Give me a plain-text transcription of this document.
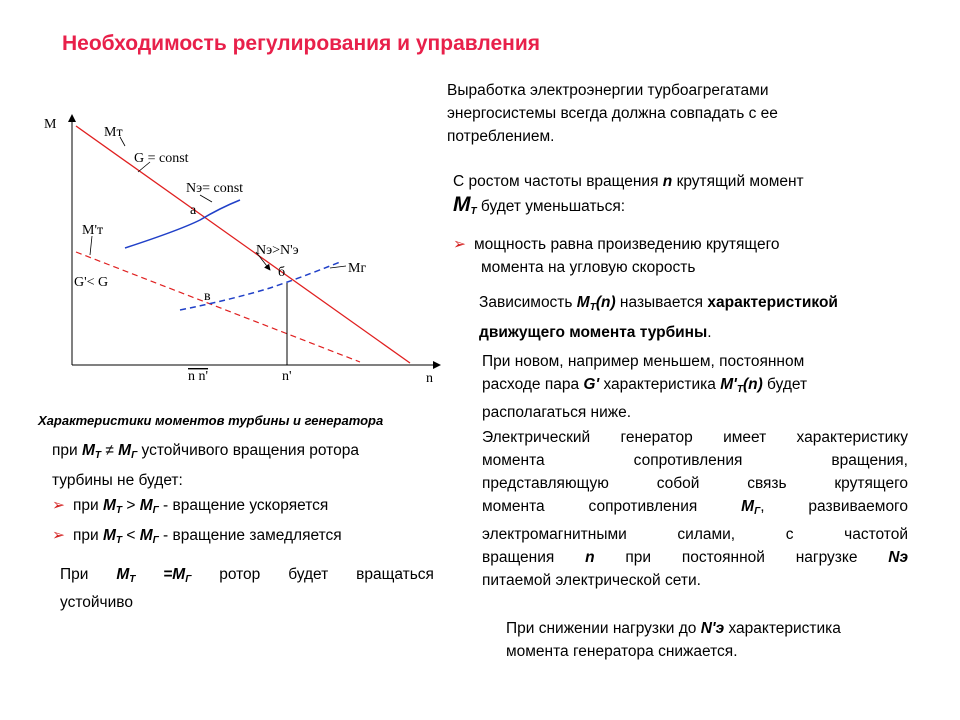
Необходимость регулирования и управления
M
n
Mт
G = const
Nэ= const
a
M'т
G'< G
Nэ>N'э
б	Mг
в
n n'	n'
Характеристики моментов турбины и генератора
Выработка электроэнергии турбоагрегатами
энергосистемы всегда должна совпадать с ее
потреблением.
С ростом частоты вращения n крутящий момент
$М_Т$ будет уменьшаться:
➢ мощность равна произведению крутящего
момента на угловую скорость
Зависимость $М_Т(n)$ называется характеристикой
движущего момента турбины.
При новом, например меньшем, постоянном
расходе пара G' характеристика $М'_Т(n)$ будет
располагаться ниже.
Электрический генератор имеет характеристику
момента сопротивления вращения,
представляющую собой связь крутящего
момента сопротивления $М_Г$, развиваемого
электромагнитными силами, с частотой
вращения n при постоянной нагрузке Nэ
питаемой электрической сети.
При снижении нагрузки до N'э характеристика
момента генератора снижается.
при $М_Т \ne М_Г$ устойчивого вращения ротора
турбины не будет:
➢ при $М_Т > М_Г$ - вращение ускоряется
➢ при $М_Т < М_Г$ - вращение замедляется
При $М_Т =М_Г$ ротор будет вращаться
устойчиво
